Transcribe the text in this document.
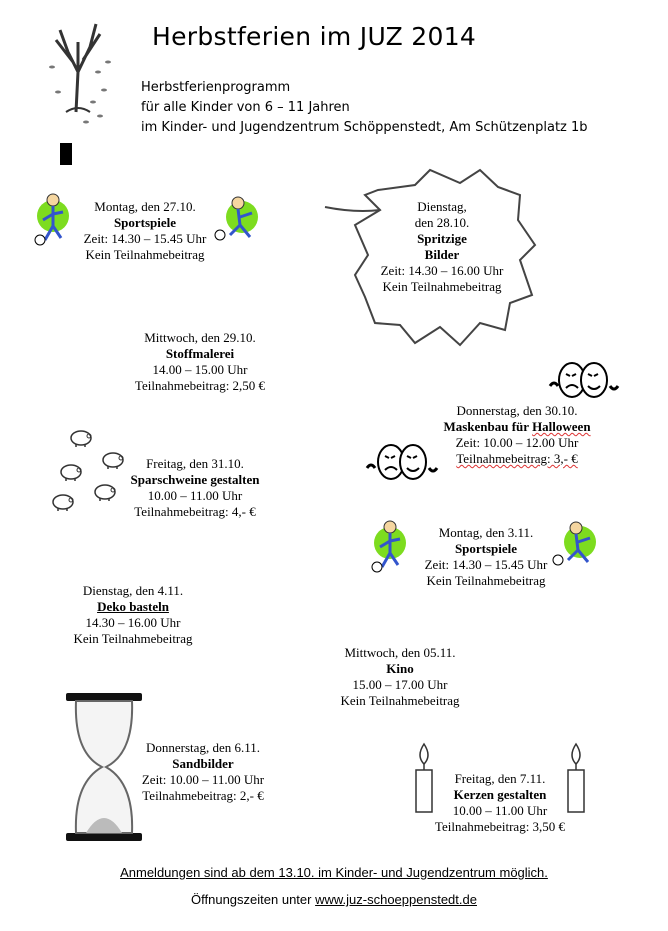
Herbstferien im JUZ 2014
Herbstferienprogramm
für alle Kinder von 6 – 11 Jahren
im Kinder- und Jugendzentrum Schöppenstedt, Am Schützenplatz 1b
Montag, den 27.10.
Sportspiele
Zeit: 14.30 – 15.45 Uhr
Kein Teilnahmebeitrag
Dienstag,
den 28.10.
Spritzige
Bilder
Zeit: 14.30 – 16.00 Uhr
Kein Teilnahmebeitrag
Mittwoch, den 29.10.
Stoffmalerei
14.00 – 15.00 Uhr
Teilnahmebeitrag: 2,50 €
Donnerstag, den 30.10.
Maskenbau für Halloween
Zeit: 10.00 – 12.00 Uhr
Teilnahmebeitrag: 3,- €
Freitag, den 31.10.
Sparschweine gestalten
10.00 – 11.00 Uhr
Teilnahmebeitrag: 4,- €
Montag, den 3.11.
Sportspiele
Zeit: 14.30 – 15.45 Uhr
Kein Teilnahmebeitrag
Dienstag, den 4.11.
Deko basteln
14.30 – 16.00 Uhr
Kein Teilnahmebeitrag
Mittwoch, den 05.11.
Kino
15.00 – 17.00 Uhr
Kein Teilnahmebeitrag
Donnerstag, den 6.11.
Sandbilder
Zeit: 10.00 – 11.00 Uhr
Teilnahmebeitrag: 2,- €
Freitag, den 7.11.
Kerzen gestalten
10.00 – 11.00 Uhr
Teilnahmebeitrag: 3,50 €
Anmeldungen sind ab dem 13.10. im Kinder- und Jugendzentrum möglich.
Öffnungszeiten unter www.juz-schoeppenstedt.de
